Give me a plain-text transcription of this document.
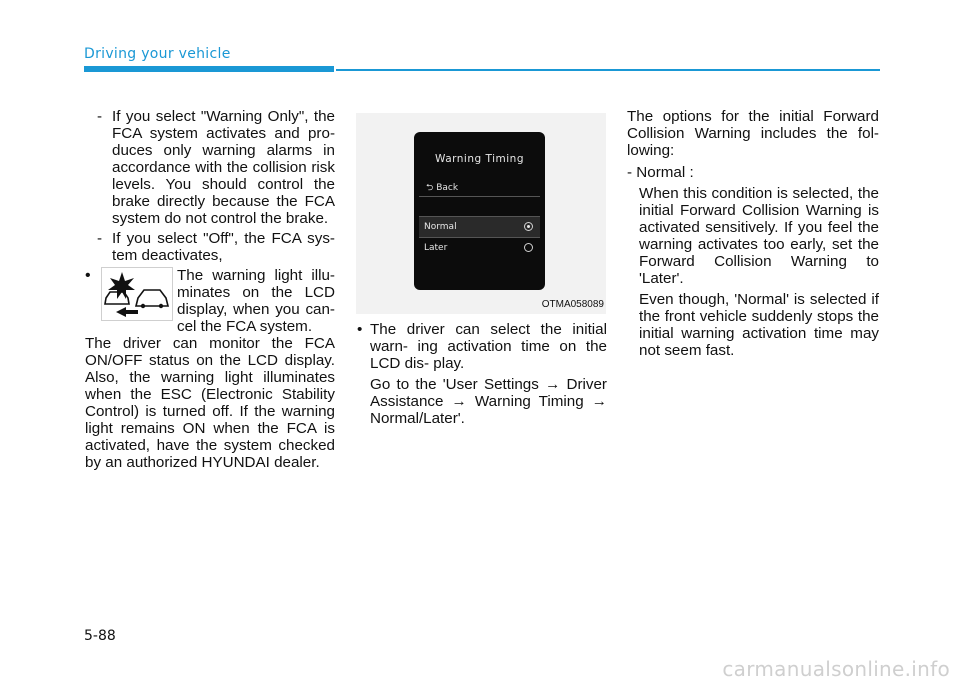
Driving your vehicle

- If you select "Warning Only", the FCA system activates and pro- duces only warning alarms in accordance with the collision risk levels. You should control the brake directly because the FCA system do not control the brake.

- If you select "Off", the FCA sys- tem deactivates,

•	The warning light illu- minates on the LCD display, when you can- cel the FCA system.

The driver can monitor the FCA ON/OFF status on the LCD display. Also, the warning light illuminates when the ESC (Electronic Stability Control) is turned off. If the warning light remains ON when the FCA is activated, have the system checked by an authorized HYUNDAI dealer.

Warning Timing
⮌ Back
Normal
Later
OTMA058089

• The driver can select the initial warn- ing activation time on the LCD dis- play.

Go to the 'User Settings → Driver Assistance → Warning Timing → Normal/Later'.

The options for the initial Forward Collision Warning includes the fol- lowing:

- Normal :

When this condition is selected, the initial Forward Collision Warning is activated sensitively. If you feel the warning activates too early, set the Forward Collision Warning to 'Later'.

Even though, 'Normal' is selected if the front vehicle suddenly stops the initial warning activation time may not seem fast.

5-88
carmanualsonline.info
